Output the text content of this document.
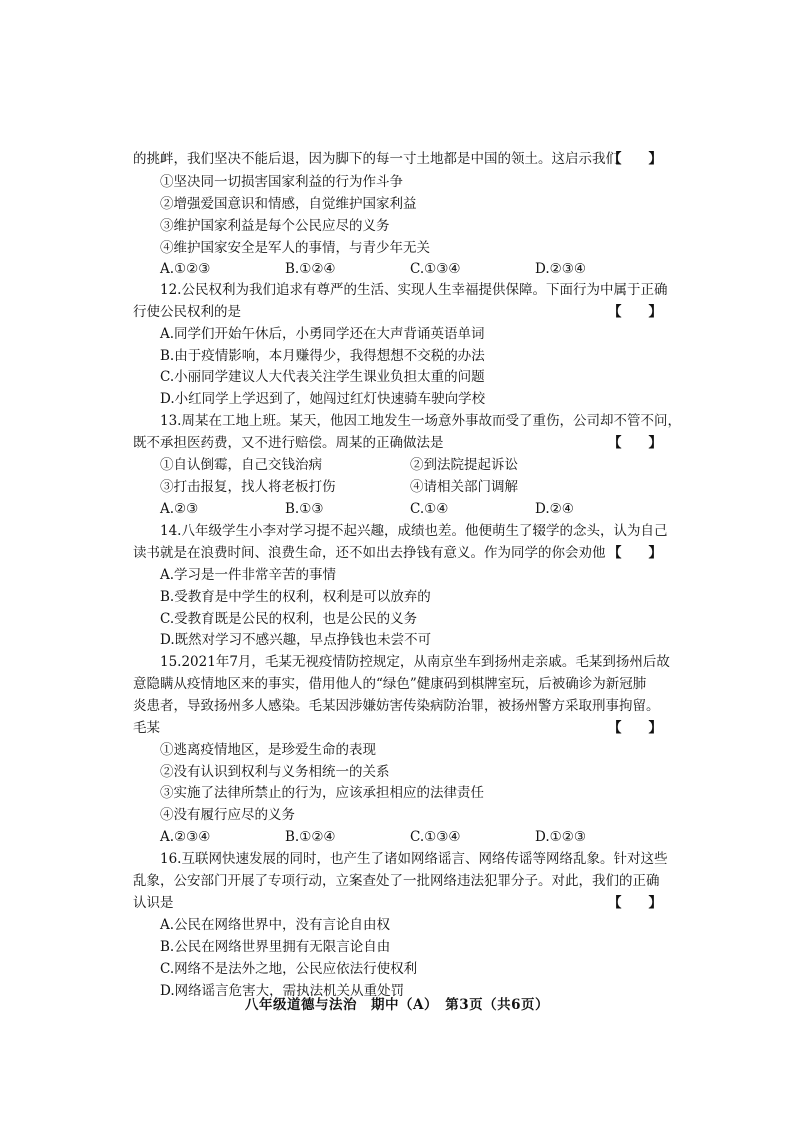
的挑衅，我们坚决不能后退，因为脚下的每一寸土地都是中国的领土。这启示我们
【　　】
①坚决同一切损害国家利益的行为作斗争
②增强爱国意识和情感，自觉维护国家利益
③维护国家利益是每个公民应尽的义务
④维护国家安全是军人的事情，与青少年无关
A.①②③	B.①②④	C.①③④	D.②③④
12.公民权利为我们追求有尊严的生活、实现人生幸福提供保障。下面行为中属于正确
行使公民权利的是	【　　】
A.同学们开始午休后，小勇同学还在大声背诵英语单词
B.由于疫情影响，本月赚得少，我得想想不交税的办法
C.小丽同学建议人大代表关注学生课业负担太重的问题
D.小红同学上学迟到了，她闯过红灯快速骑车驶向学校
13.周某在工地上班。某天，他因工地发生一场意外事故而受了重伤，公司却不管不问，
既不承担医药费，又不进行赔偿。周某的正确做法是	【　　】
①自认倒霉，自己交钱治病	②到法院提起诉讼
③打击报复，找人将老板打伤	④请相关部门调解
A.②③	B.①③	C.①④	D.②④
14.八年级学生小李对学习提不起兴趣，成绩也差。他便萌生了辍学的念头，认为自己
读书就是在浪费时间、浪费生命，还不如出去挣钱有意义。作为同学的你会劝他 【　　】
A.学习是一件非常辛苦的事情
B.受教育是中学生的权利，权利是可以放弃的
C.受教育既是公民的权利，也是公民的义务
D.既然对学习不感兴趣，早点挣钱也未尝不可
15.2021年7月，毛某无视疫情防控规定，从南京坐车到扬州走亲戚。毛某到扬州后故
意隐瞒从疫情地区来的事实，借用他人的“绿色”健康码到棋牌室玩，后被确诊为新冠肺
炎患者，导致扬州多人感染。毛某因涉嫌妨害传染病防治罪，被扬州警方采取刑事拘留。
毛某	【　　】
①逃离疫情地区，是珍爱生命的表现
②没有认识到权利与义务相统一的关系
③实施了法律所禁止的行为，应该承担相应的法律责任
④没有履行应尽的义务
A.②③④	B.①②④	C.①③④	D.①②③
16.互联网快速发展的同时，也产生了诸如网络谣言、网络传谣等网络乱象。针对这些
乱象，公安部门开展了专项行动，立案查处了一批网络违法犯罪分子。对此，我们的正确
认识是	【　　】
A.公民在网络世界中，没有言论自由权
B.公民在网络世界里拥有无限言论自由
八年级道德与法治　期中（A）　第3页（共6页）
C.网络不是法外之地，公民应依法行使权利
D.网络谣言危害大，需执法机关从重处罚
